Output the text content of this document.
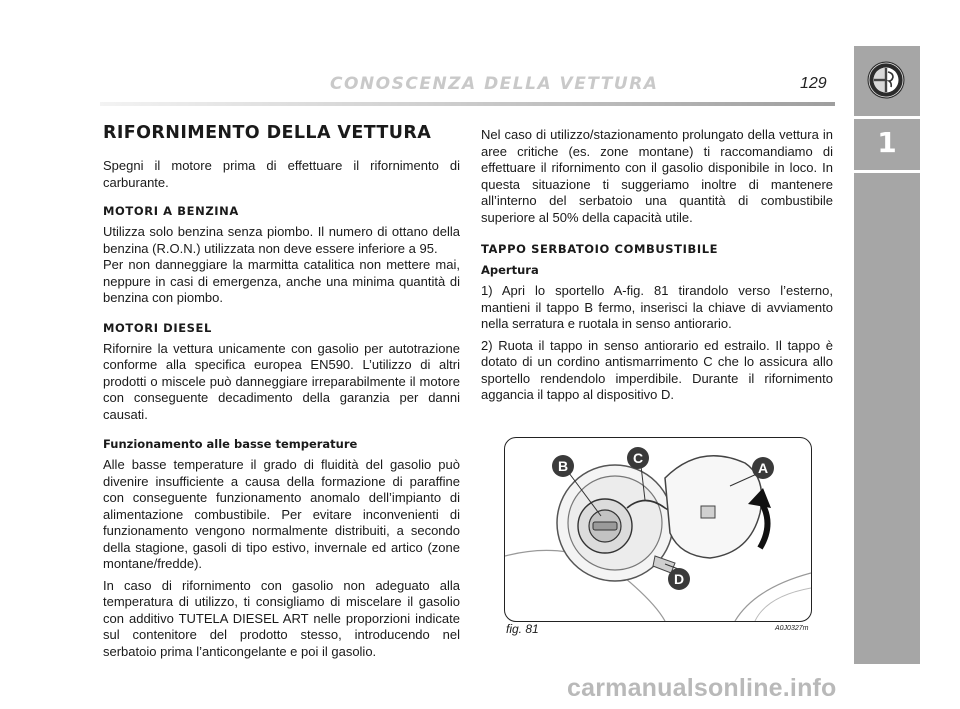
CONOSCENZA DELLA VETTURA	129
1

RIFORNIMENTO DELLA VETTURA

Spegni il motore prima di effettuare il rifornimento di carburante.

MOTORI A BENZINA

Utilizza solo benzina senza piombo. Il numero di ottano della benzina (R.O.N.) utilizzata non deve essere inferiore a 95.

Per non danneggiare la marmitta catalitica non mettere mai, neppure in casi di emergenza, anche una minima quantità di benzina con piombo.

MOTORI DIESEL

Rifornire la vettura unicamente con gasolio per autotrazione conforme alla specifica europea EN590. L’utilizzo di altri prodotti o miscele può danneggiare irreparabilmente il motore con conseguente decadimento della garanzia per danni causati.

Funzionamento alle basse temperature

Alle basse temperature il grado di fluidità del gasolio può divenire insufficiente a causa della formazione di paraffine con conseguente funzionamento anomalo dell’impianto di alimentazione combustibile. Per evitare inconvenienti di funzionamento vengono normalmente distribuiti, a secondo della stagione, gasoli di tipo estivo, invernale ed artico (zone montane/fredde).

In caso di rifornimento con gasolio non adeguato alla temperatura di utilizzo, ti consigliamo di miscelare il gasolio con additivo TUTELA DIESEL ART nelle proporzioni indicate sul contenitore del prodotto stesso, introducendo nel serbatoio prima l’anticongelante e poi il gasolio.

Nel caso di utilizzo/stazionamento prolungato della vettura in aree critiche (es. zone montane) ti raccomandiamo di effettuare il rifornimento con il gasolio disponibile in loco. In questa situazione ti suggeriamo inoltre di mantenere all’interno del serbatoio una quantità di combustibile superiore al 50% della capacità utile.

TAPPO SERBATOIO COMBUSTIBILE

Apertura

1) Apri lo sportello A-fig. 81 tirandolo verso l’esterno, mantieni il tappo B fermo, inserisci la chiave di avviamento nella serratura e ruotala in senso antiorario.

2) Ruota il tappo in senso antiorario ed estrailo. Il tappo è dotato di un cordino antismarrimento C che lo assicura allo sportello rendendolo imperdibile. Durante il rifornimento aggancia il tappo al dispositivo D.

B	C
A
D
fig. 81	A0J0327m
carmanualsonline.info
